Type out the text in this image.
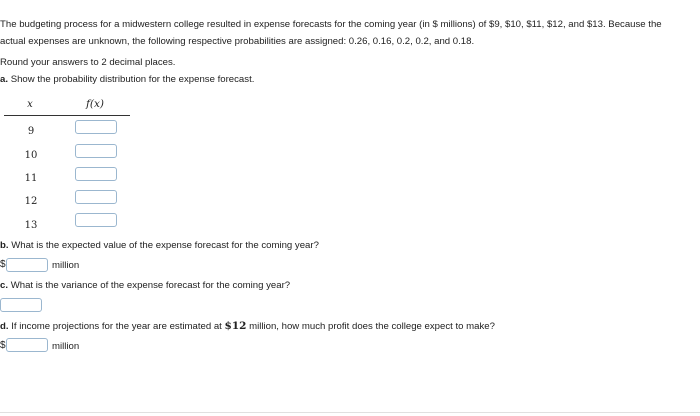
The budgeting process for a midwestern college resulted in expense forecasts for the coming year (in $ millions) of $9, $10, $11, $12, and $13. Because the
actual expenses are unknown, the following respective probabilities are assigned: 0.26, 0.16, 0.2, 0.2, and 0.18.
Round your answers to 2 decimal places.
a. Show the probability distribution for the expense forecast.
x	f(x)
9
10
11
12
13
b. What is the expected value of the expense forecast for the coming year?
$	million
c. What is the variance of the expense forecast for the coming year?
d. If income projections for the year are estimated at $12 million, how much profit does the college expect to make?
$	million
